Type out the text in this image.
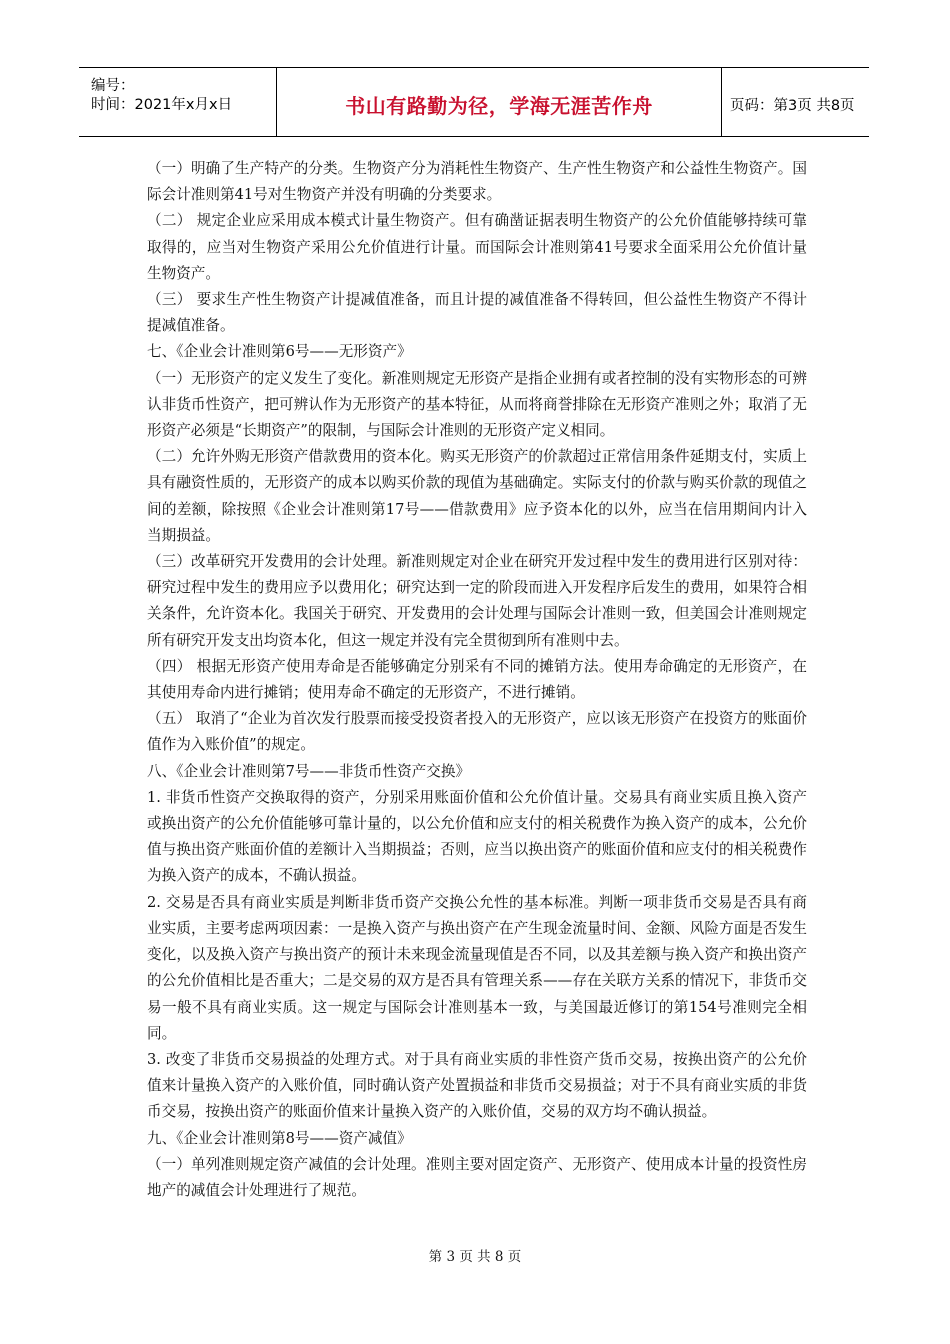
编号：
时间：2021年x月x日	书山有路勤为径，学海无涯苦作舟	页码：第3页 共8页

（一）明确了生产特产的分类。生物资产分为消耗性生物资产、生产性生物资产和公益性生物资产。国际会计准则第41号对生物资产并没有明确的分类要求。

（二） 规定企业应采用成本模式计量生物资产。但有确凿证据表明生物资产的公允价值能够持续可靠取得的，应当对生物资产采用公允价值进行计量。而国际会计准则第41号要求全面采用公允价值计量生物资产。

（三） 要求生产性生物资产计提减值准备，而且计提的减值准备不得转回，但公益性生物资产不得计提减值准备。

七、《企业会计准则第6号——无形资产》

（一）无形资产的定义发生了变化。新准则规定无形资产是指企业拥有或者控制的没有实物形态的可辨认非货币性资产，把可辨认作为无形资产的基本特征，从而将商誉排除在无形资产准则之外；取消了无形资产必须是“长期资产”的限制，与国际会计准则的无形资产定义相同。

（二）允许外购无形资产借款费用的资本化。购买无形资产的价款超过正常信用条件延期支付，实质上具有融资性质的，无形资产的成本以购买价款的现值为基础确定。实际支付的价款与购买价款的现值之间的差额，除按照《企业会计准则第17号——借款费用》应予资本化的以外，应当在信用期间内计入当期损益。

（三）改革研究开发费用的会计处理。新准则规定对企业在研究开发过程中发生的费用进行区别对待：研究过程中发生的费用应予以费用化；研究达到一定的阶段而进入开发程序后发生的费用，如果符合相关条件，允许资本化。我国关于研究、开发费用的会计处理与国际会计准则一致，但美国会计准则规定所有研究开发支出均资本化，但这一规定并没有完全贯彻到所有准则中去。

（四） 根据无形资产使用寿命是否能够确定分别采有不同的摊销方法。使用寿命确定的无形资产，在其使用寿命内进行摊销；使用寿命不确定的无形资产，不进行摊销。

（五） 取消了“企业为首次发行股票而接受投资者投入的无形资产，应以该无形资产在投资方的账面价值作为入账价值”的规定。

八、《企业会计准则第7号——非货币性资产交换》

1. 非货币性资产交换取得的资产，分别采用账面价值和公允价值计量。交易具有商业实质且换入资产或换出资产的公允价值能够可靠计量的，以公允价值和应支付的相关税费作为换入资产的成本，公允价值与换出资产账面价值的差额计入当期损益；否则，应当以换出资产的账面价值和应支付的相关税费作为换入资产的成本，不确认损益。

2. 交易是否具有商业实质是判断非货币资产交换公允性的基本标准。判断一项非货币交易是否具有商业实质，主要考虑两项因素：一是换入资产与换出资产在产生现金流量时间、金额、风险方面是否发生变化，以及换入资产与换出资产的预计未来现金流量现值是否不同，以及其差额与换入资产和换出资产的公允价值相比是否重大；二是交易的双方是否具有管理关系——存在关联方关系的情况下，非货币交易一般不具有商业实质。这一规定与国际会计准则基本一致，与美国最近修订的第154号准则完全相同。

3. 改变了非货币交易损益的处理方式。对于具有商业实质的非性资产货币交易，按换出资产的公允价值来计量换入资产的入账价值，同时确认资产处置损益和非货币交易损益；对于不具有商业实质的非货币交易，按换出资产的账面价值来计量换入资产的入账价值，交易的双方均不确认损益。

九、《企业会计准则第8号——资产减值》

（一）单列准则规定资产减值的会计处理。准则主要对固定资产、无形资产、使用成本计量的投资性房地产的减值会计处理进行了规范。

第 3 页 共 8 页
